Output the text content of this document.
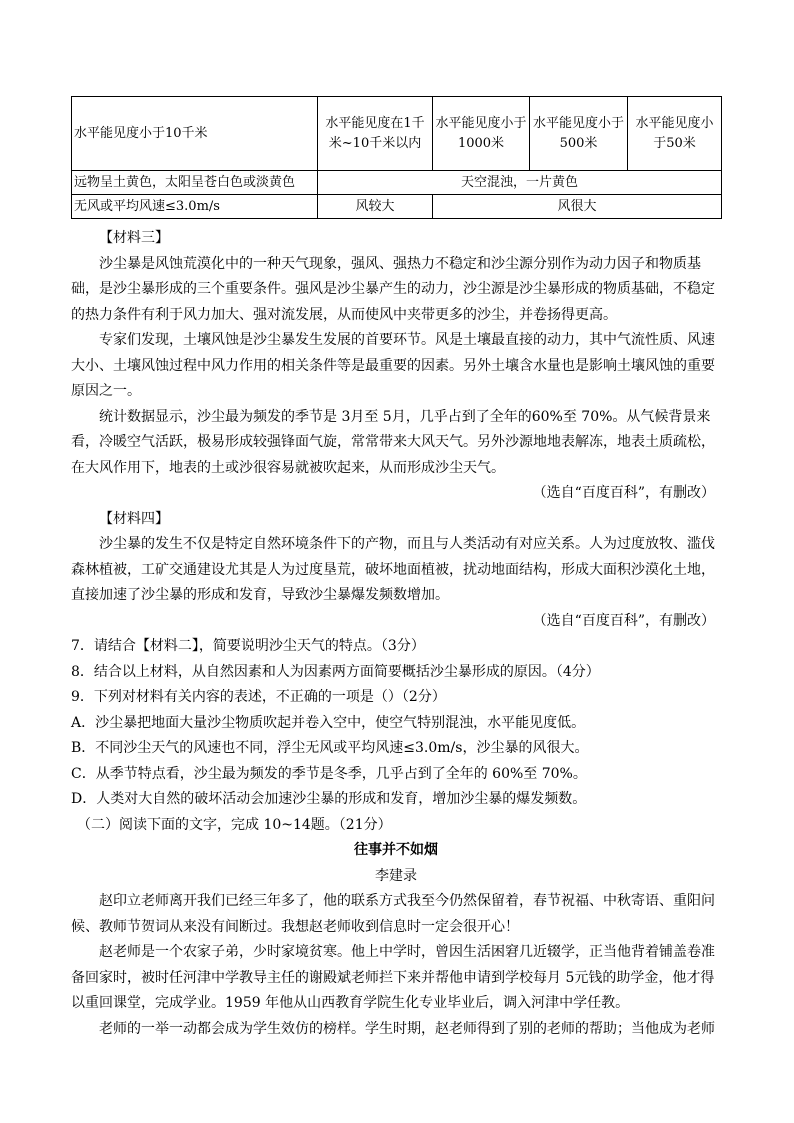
水平能见度小于10千米	水平能见度在1千米~10千米以内	水平能见度小于1000米	水平能见度小于500米	水平能见度小于50米
远物呈土黄色，太阳呈苍白色或淡黄色	天空混浊，一片黄色			
无风或平均风速≤3.0m/s	风较大	风很大		

【材料三】

沙尘暴是风蚀荒漠化中的一种天气现象，强风、强热力不稳定和沙尘源分别作为动力因子和物质基础，是沙尘暴形成的三个重要条件。强风是沙尘暴产生的动力，沙尘源是沙尘暴形成的物质基础，不稳定的热力条件有利于风力加大、强对流发展，从而使风中夹带更多的沙尘，并卷扬得更高。

专家们发现，土壤风蚀是沙尘暴发生发展的首要环节。风是土壤最直接的动力，其中气流性质、风速大小、土壤风蚀过程中风力作用的相关条件等是最重要的因素。另外土壤含水量也是影响土壤风蚀的重要原因之一。

统计数据显示，沙尘最为频发的季节是 3月至 5月，几乎占到了全年的60%至 70%。从气候背景来看，冷暖空气活跃，极易形成较强锋面气旋，常常带来大风天气。另外沙源地地表解冻，地表土质疏松，在大风作用下，地表的土或沙很容易就被吹起来，从而形成沙尘天气。

（选自“百度百科”，有删改）

【材料四】

沙尘暴的发生不仅是特定自然环境条件下的产物，而且与人类活动有对应关系。人为过度放牧、滥伐森林植被，工矿交通建设尤其是人为过度垦荒，破坏地面植被，扰动地面结构，形成大面积沙漠化土地，直接加速了沙尘暴的形成和发育，导致沙尘暴爆发频数增加。

（选自“百度百科”，有删改）

7．请结合【材料二】，简要说明沙尘天气的特点。（3分）

8．结合以上材料，从自然因素和人为因素两方面简要概括沙尘暴形成的原因。（4分）

9．下列对材料有关内容的表述，不正确的一项是（）（2分）

A．沙尘暴把地面大量沙尘物质吹起并卷入空中，使空气特别混浊，水平能见度低。

B．不同沙尘天气的风速也不同，浮尘无风或平均风速≤3.0m/s，沙尘暴的风很大。

C．从季节特点看，沙尘最为频发的季节是冬季，几乎占到了全年的 60%至 70%。

D．人类对大自然的破坏活动会加速沙尘暴的形成和发育，增加沙尘暴的爆发频数。

（二）阅读下面的文字，完成 10~14题。（21分）

往事并不如烟

李建录

赵印立老师离开我们已经三年多了，他的联系方式我至今仍然保留着，春节祝福、中秋寄语、重阳问候、教师节贺词从来没有间断过。我想赵老师收到信息时一定会很开心！

赵老师是一个农家子弟，少时家境贫寒。他上中学时，曾因生活困窘几近辍学，正当他背着铺盖卷准备回家时，被时任河津中学教导主任的谢殿斌老师拦下来并帮他申请到学校每月 5元钱的助学金，他才得以重回课堂，完成学业。1959 年他从山西教育学院生化专业毕业后，调入河津中学任教。

老师的一举一动都会成为学生效仿的榜样。学生时期，赵老师得到了别的老师的帮助；当他成为老师
